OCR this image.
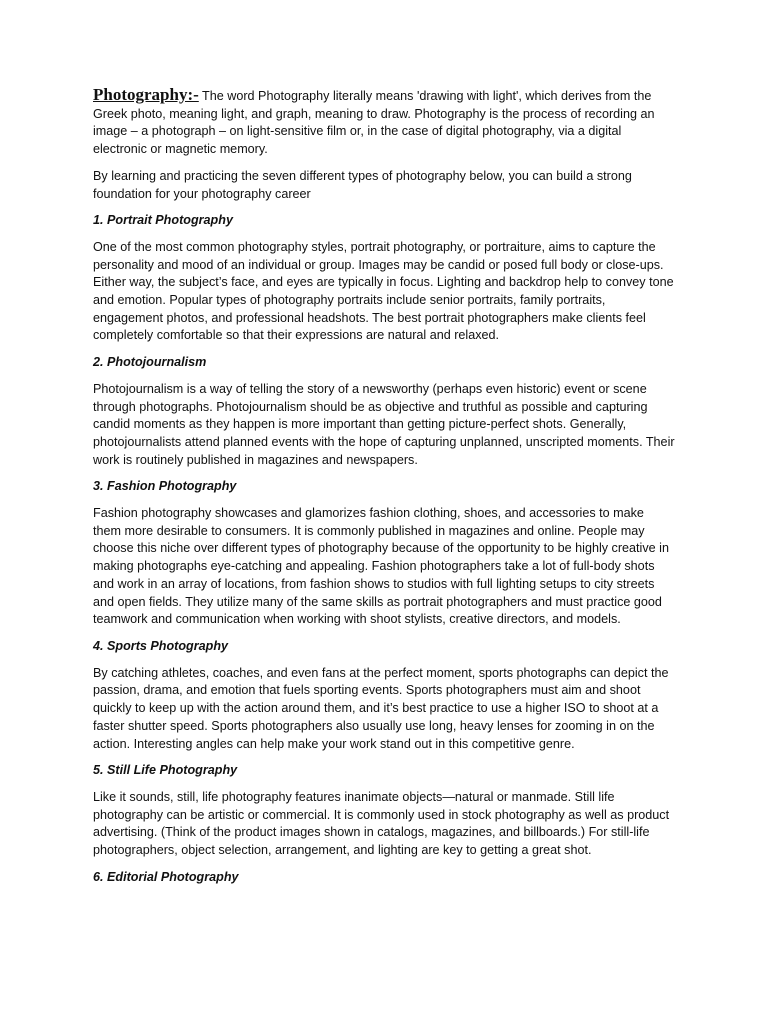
Photography:- The word Photography literally means 'drawing with light', which derives from the Greek photo, meaning light, and graph, meaning to draw. Photography is the process of recording an image – a photograph – on light-sensitive film or, in the case of digital photography, via a digital electronic or magnetic memory.

By learning and practicing the seven different types of photography below, you can build a strong foundation for your photography career

1. Portrait Photography

One of the most common photography styles, portrait photography, or portraiture, aims to capture the personality and mood of an individual or group. Images may be candid or posed full body or close-ups. Either way, the subject’s face, and eyes are typically in focus. Lighting and backdrop help to convey tone and emotion. Popular types of photography portraits include senior portraits, family portraits, engagement photos, and professional headshots. The best portrait photographers make clients feel completely comfortable so that their expressions are natural and relaxed.

2. Photojournalism

Photojournalism is a way of telling the story of a newsworthy (perhaps even historic) event or scene through photographs. Photojournalism should be as objective and truthful as possible and capturing candid moments as they happen is more important than getting picture-perfect shots. Generally, photojournalists attend planned events with the hope of capturing unplanned, unscripted moments. Their work is routinely published in magazines and newspapers.

3. Fashion Photography

Fashion photography showcases and glamorizes fashion clothing, shoes, and accessories to make them more desirable to consumers. It is commonly published in magazines and online. People may choose this niche over different types of photography because of the opportunity to be highly creative in making photographs eye-catching and appealing. Fashion photographers take a lot of full-body shots and work in an array of locations, from fashion shows to studios with full lighting setups to city streets and open fields. They utilize many of the same skills as portrait photographers and must practice good teamwork and communication when working with shoot stylists, creative directors, and models.

4. Sports Photography

By catching athletes, coaches, and even fans at the perfect moment, sports photographs can depict the passion, drama, and emotion that fuels sporting events. Sports photographers must aim and shoot quickly to keep up with the action around them, and it’s best practice to use a higher ISO to shoot at a faster shutter speed. Sports photographers also usually use long, heavy lenses for zooming in on the action. Interesting angles can help make your work stand out in this competitive genre.

5. Still Life Photography

Like it sounds, still, life photography features inanimate objects—natural or manmade. Still life photography can be artistic or commercial. It is commonly used in stock photography as well as product advertising. (Think of the product images shown in catalogs, magazines, and billboards.) For still-life photographers, object selection, arrangement, and lighting are key to getting a great shot.

6. Editorial Photography
